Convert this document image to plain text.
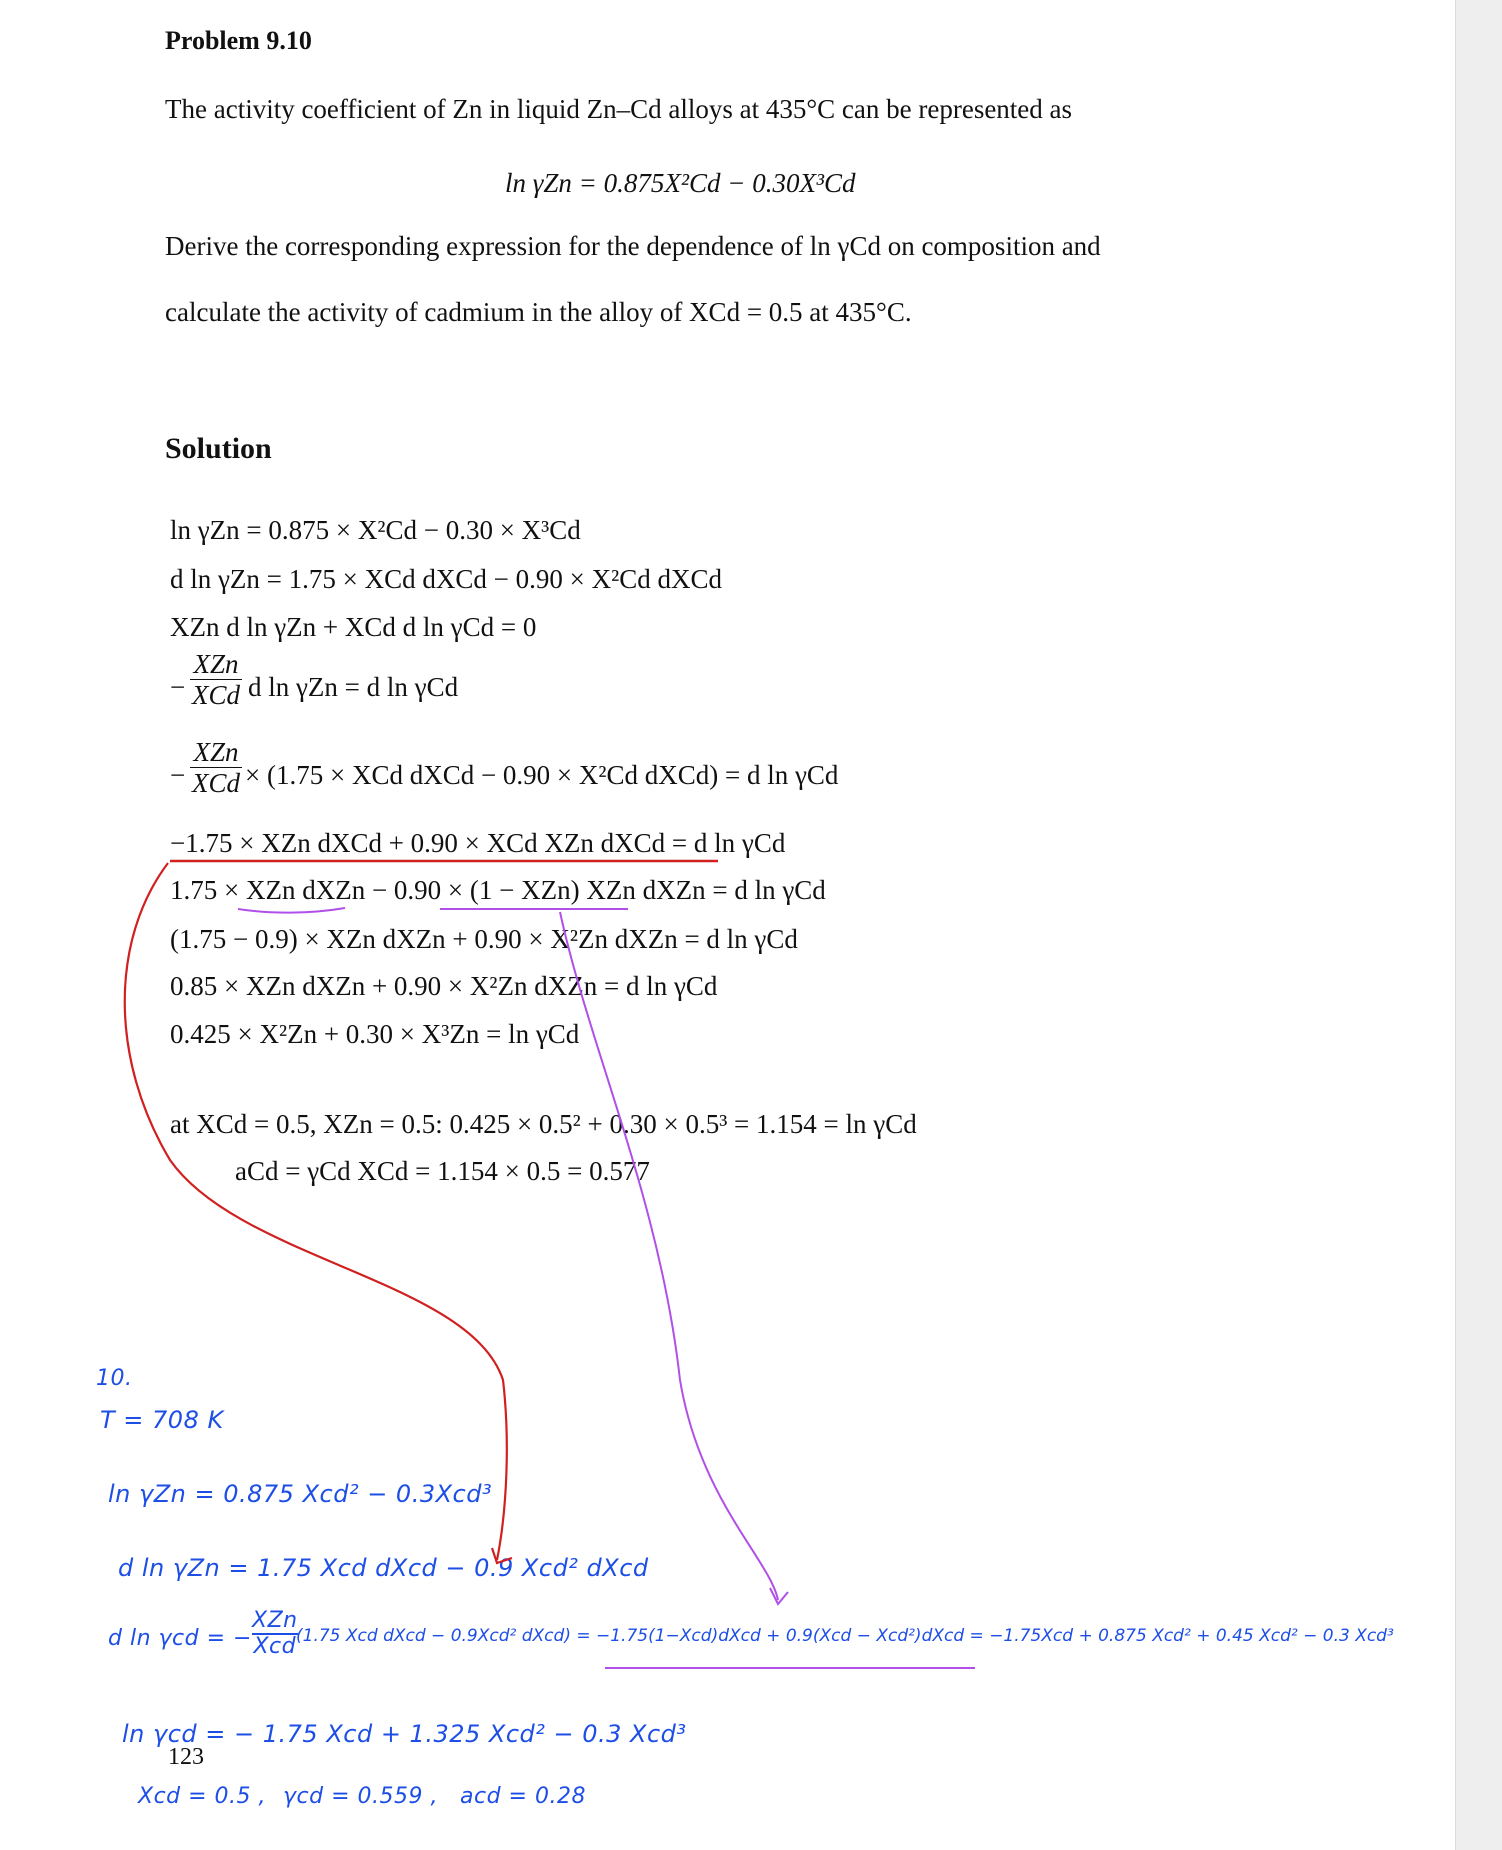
Problem 9.10
The activity coefficient of Zn in liquid Zn–Cd alloys at 435°C can be represented as
ln γZn = 0.875X²Cd − 0.30X³Cd
Derive the corresponding expression for the dependence of ln γCd on composition and
calculate the activity of cadmium in the alloy of XCd = 0.5 at 435°C.
Solution
ln γZn = 0.875 × X²Cd − 0.30 × X³Cd
d ln γZn = 1.75 × XCd dXCd − 0.90 × X²Cd dXCd
XZn d ln γZn + XCd d ln γCd = 0
−
XZn
XCd d ln γZn = d ln γCd
−
XZn
XCd × (1.75 × XCd dXCd − 0.90 × X²Cd dXCd) = d ln γCd
−1.75 × XZn dXCd + 0.90 × XCd XZn dXCd = d ln γCd
1.75 × XZn dXZn − 0.90 × (1 − XZn) XZn dXZn = d ln γCd
(1.75 − 0.9) × XZn dXZn + 0.90 × X²Zn dXZn = d ln γCd
0.85 × XZn dXZn + 0.90 × X²Zn dXZn = d ln γCd
0.425 × X²Zn + 0.30 × X³Zn = ln γCd
at XCd = 0.5, XZn = 0.5: 0.425 × 0.5² + 0.30 × 0.5³ = 1.154 = ln γCd
aCd = γCd XCd = 1.154 × 0.5 = 0.577
10.
T = 708 K
ln γZn = 0.875 Xcd² − 0.3Xcd³
d ln γZn = 1.75 Xcd dXcd − 0.9 Xcd² dXcd
d ln γcd = −
XZn
Xcd (1.75 Xcd dXcd − 0.9Xcd² dXcd) = −1.75(1−Xcd)dXcd + 0.9(Xcd − Xcd²)dXcd = −1.75Xcd + 0.875 Xcd² + 0.45 Xcd² − 0.3 Xcd³
ln γcd = − 1.75 Xcd + 1.325 Xcd² − 0.3 Xcd³
123
Xcd = 0.5 , γcd = 0.559 , acd = 0.28
